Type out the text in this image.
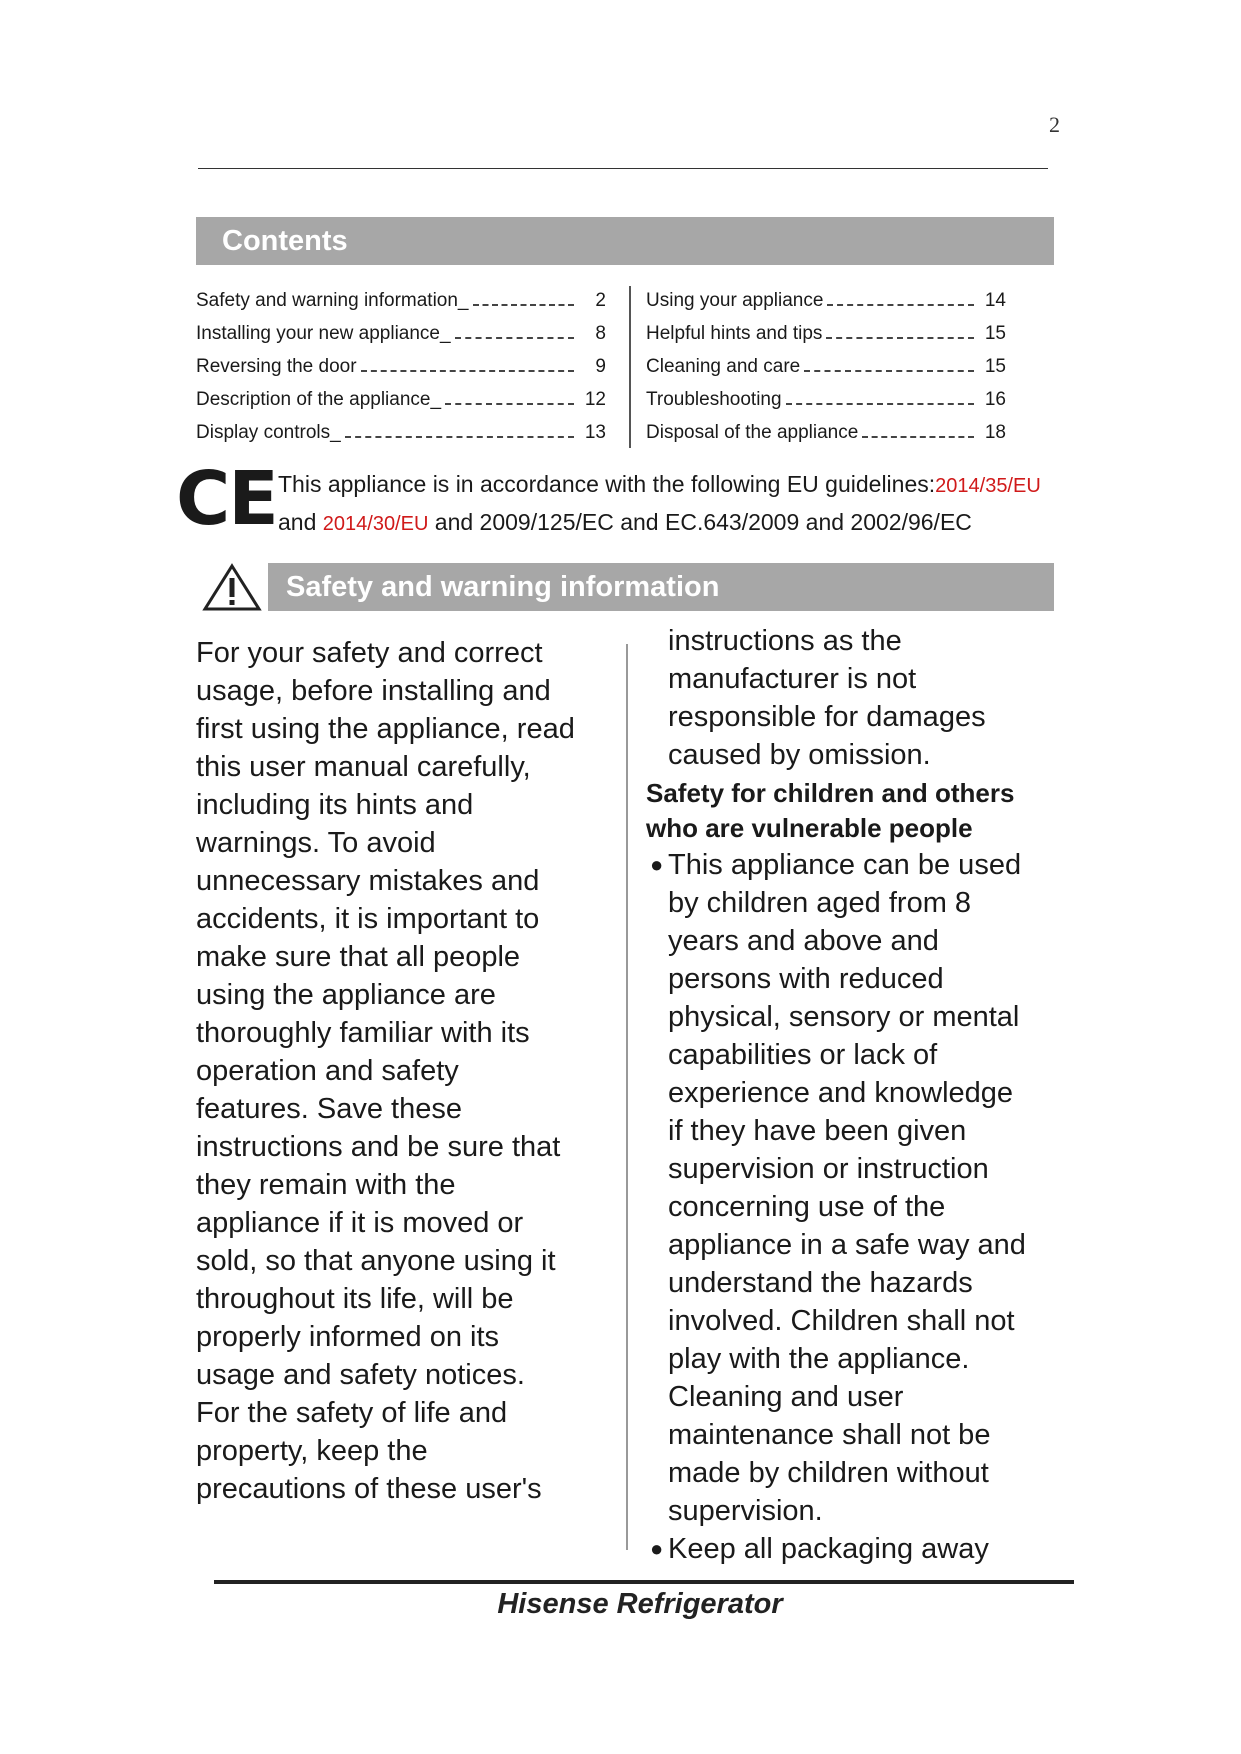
2
Contents
Safety and warning information_	2
Installing your new appliance_	8
Reversing the door	9
Description of the appliance_	12
Display controls_	13
Using your appliance	14
Helpful hints and tips	15
Cleaning and care	15
Troubleshooting	16
Disposal of the appliance	18
CE This appliance is in accordance with the following EU guidelines:2014/35/EU
and 2014/30/EU and 2009/125/EC and EC.643/2009 and 2002/96/EC
Safety and warning information
For your safety and correct
usage, before installing and
first using the appliance, read
this user manual carefully,
including its hints and
warnings. To avoid
unnecessary mistakes and
accidents, it is important to
make sure that all people
using the appliance are
thoroughly familiar with its
operation and safety
features. Save these
instructions and be sure that
they remain with the
appliance if it is moved or
sold, so that anyone using it
throughout its life, will be
properly informed on its
usage and safety notices.
For the safety of life and
property, keep the
precautions of these user's
instructions as the
manufacturer is not
responsible for damages
caused by omission.
Safety for children and others
who are vulnerable people
● This appliance can be used
by children aged from 8
years and above and
persons with reduced
physical, sensory or mental
capabilities or lack of
experience and knowledge
if they have been given
supervision or instruction
concerning use of the
appliance in a safe way and
understand the hazards
involved. Children shall not
play with the appliance.
Cleaning and user
maintenance shall not be
made by children without
supervision.
● Keep all packaging away
Hisense Refrigerator
